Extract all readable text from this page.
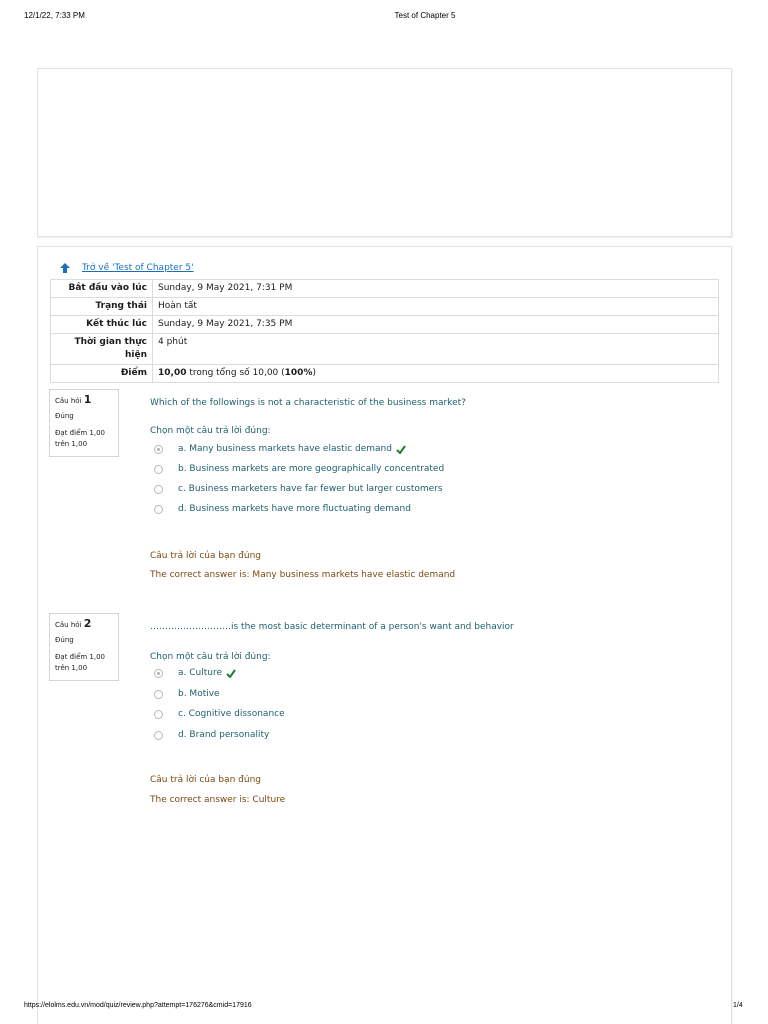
12/1/22, 7:33 PM	Test of Chapter 5
Trở về 'Test of Chapter 5'
Bắt đầu vào lúc	Sunday, 9 May 2021, 7:31 PM
Trạng thái	Hoàn tất
Kết thúc lúc	Sunday, 9 May 2021, 7:35 PM
Thời gian thực hiện	4 phút
Điểm	10,00 trong tổng số 10,00 (100%)
Câu hỏi 1
Đúng
Đạt điểm 1,00
trên 1,00
Which of the followings is not a characteristic of the business market?
Chọn một câu trả lời đúng:
a. Many business markets have elastic demand
b. Business markets are more geographically concentrated
c. Business marketers have far fewer but larger customers
d. Business markets have more fluctuating demand
Câu trả lời của bạn đúng
The correct answer is: Many business markets have elastic demand
Câu hỏi 2
Đúng
Đạt điểm 1,00
trên 1,00
………………………is the most basic determinant of a person's want and behavior
Chọn một câu trả lời đúng:
a. Culture
b. Motive
c. Cognitive dissonance
d. Brand personality
Câu trả lời của bạn đúng
The correct answer is: Culture
https://elolms.edu.vn/mod/quiz/review.php?attempt=176276&cmid=17916	1/4
